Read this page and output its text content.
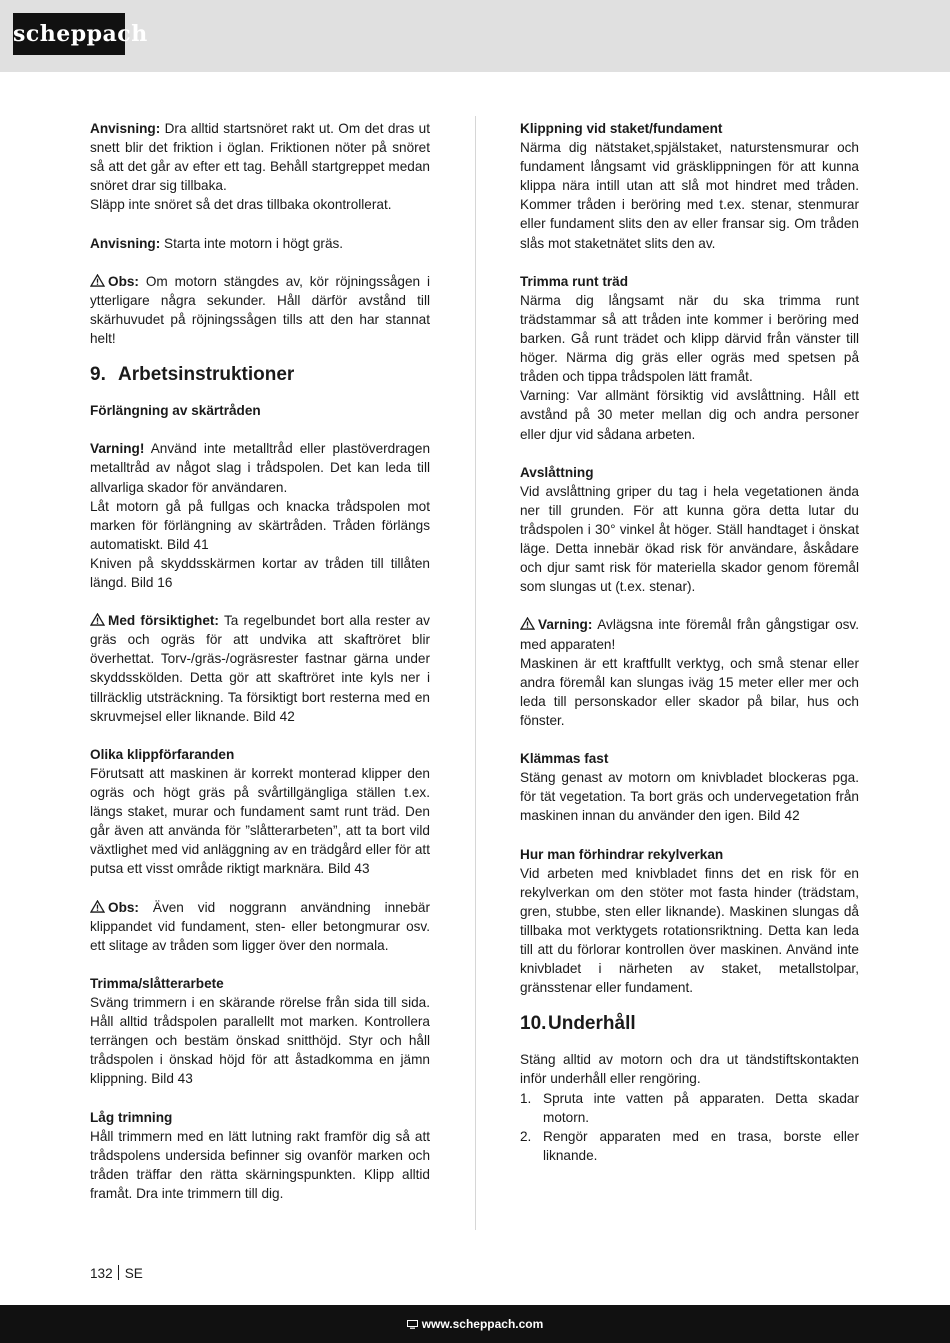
scheppach

Anvisning: Dra alltid startsnöret rakt ut. Om det dras ut snett blir det friktion i öglan. Friktionen nöter på snöret så att det går av efter ett tag. Behåll startgreppet medan snöret drar sig tillbaka.

Släpp inte snöret så det dras tillbaka okontrollerat.

Anvisning: Starta inte motorn i högt gräs.

Obs: Om motorn stängdes av, kör röjningssågen i ytterligare några sekunder. Håll därför avstånd till skärhuvudet på röjningssågen tills att den har stannat helt!

9. Arbetsinstruktioner

Förlängning av skärtråden

Varning! Använd inte metalltråd eller plastöverdragen metalltråd av något slag i trådspolen. Det kan leda till allvarliga skador för användaren.

Låt motorn gå på fullgas och knacka trådspolen mot marken för förlängning av skärtråden. Tråden förlängs automatiskt. Bild 41

Kniven på skyddsskärmen kortar av tråden till tillåten längd. Bild 16

Med försiktighet: Ta regelbundet bort alla rester av gräs och ogräs för att undvika att skaftröret blir överhettat. Torv-/gräs-/ogräsrester fastnar gärna under skyddsskölden. Detta gör att skaftröret inte kyls ner i tillräcklig utsträckning. Ta försiktigt bort resterna med en skruvmejsel eller liknande. Bild 42

Olika klippförfaranden

Förutsatt att maskinen är korrekt monterad klipper den ogräs och högt gräs på svårtillgängliga ställen t.ex. längs staket, murar och fundament samt runt träd. Den går även att använda för ”slåtterarbeten”, att ta bort vild växtlighet med vid anläggning av en trädgård eller för att putsa ett visst område riktigt marknära. Bild 43

Obs: Även vid noggrann användning innebär klippandet vid fundament, sten- eller betongmurar osv. ett slitage av tråden som ligger över den normala.

Trimma/slåtterarbete

Sväng trimmern i en skärande rörelse från sida till sida. Håll alltid trådspolen parallellt mot marken. Kontrollera terrängen och bestäm önskad snitthöjd. Styr och håll trådspolen i önskad höjd för att åstadkomma en jämn klippning. Bild 43

Låg trimning

Håll trimmern med en lätt lutning rakt framför dig så att trådspolens undersida befinner sig ovanför marken och tråden träffar den rätta skärningspunkten. Klipp alltid framåt. Dra inte trimmern till dig.

Klippning vid staket/fundament

Närma dig nätstaket,spjälstaket, naturstensmurar och fundament långsamt vid gräsklippningen för att kunna klippa nära intill utan att slå mot hindret med tråden. Kommer tråden i beröring med t.ex. stenar, stenmurar eller fundament slits den av eller fransar sig. Om tråden slås mot staketnätet slits den av.

Trimma runt träd

Närma dig långsamt när du ska trimma runt trädstammar så att tråden inte kommer i beröring med barken. Gå runt trädet och klipp därvid från vänster till höger. Närma dig gräs eller ogräs med spetsen på tråden och tippa trådspolen lätt framåt.

Varning: Var allmänt försiktig vid avslåttning. Håll ett avstånd på 30 meter mellan dig och andra personer eller djur vid sådana arbeten.

Avslåttning

Vid avslåttning griper du tag i hela vegetationen ända ner till grunden. För att kunna göra detta lutar du trådspolen i 30° vinkel åt höger. Ställ handtaget i önskat läge. Detta innebär ökad risk för användare, åskådare och djur samt risk för materiella skador genom föremål som slungas ut (t.ex. stenar).

Varning: Avlägsna inte föremål från gångstigar osv. med apparaten!

Maskinen är ett kraftfullt verktyg, och små stenar eller andra föremål kan slungas iväg 15 meter eller mer och leda till personskador eller skador på bilar, hus och fönster.

Klämmas fast

Stäng genast av motorn om knivbladet blockeras pga. för tät vegetation. Ta bort gräs och undervegetation från maskinen innan du använder den igen. Bild 42

Hur man förhindrar rekylverkan

Vid arbeten med knivbladet finns det en risk för en rekylverkan om den stöter mot fasta hinder (trädstam, gren, stubbe, sten eller liknande). Maskinen slungas då tillbaka mot verktygets rotationsriktning. Detta kan leda till att du förlorar kontrollen över maskinen. Använd inte knivbladet i närheten av staket, metallstolpar, gränsstenar eller fundament.

10.Underhåll

Stäng alltid av motorn och dra ut tändstiftskontakten inför underhåll eller rengöring.

1. Spruta inte vatten på apparaten. Detta skadar motorn.
2. Rengör apparaten med en trasa, borste eller liknande.
132 SE
www.scheppach.com
